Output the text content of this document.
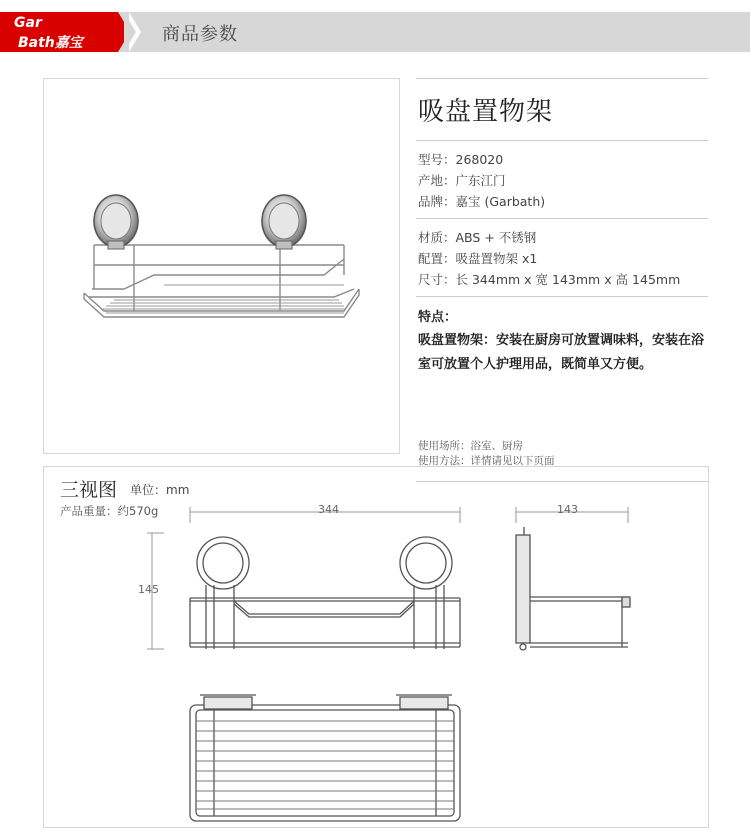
Gar
Bath嘉宝	商品参数
吸盘置物架
型号：268020
产地：广东江门
品牌：嘉宝 (Garbath)
材质：ABS + 不锈钢
配置：吸盘置物架 x1
尺寸：长 344mm x 宽 143mm x 高 145mm
特点：
吸盘置物架：安装在厨房可放置调味料，安装在浴室可放置个人护理用品，既简单又方便。
使用场所：浴室、厨房
使用方法：详情请见以下页面
三视图 单位：mm
产品重量：约570g	344	143
145
